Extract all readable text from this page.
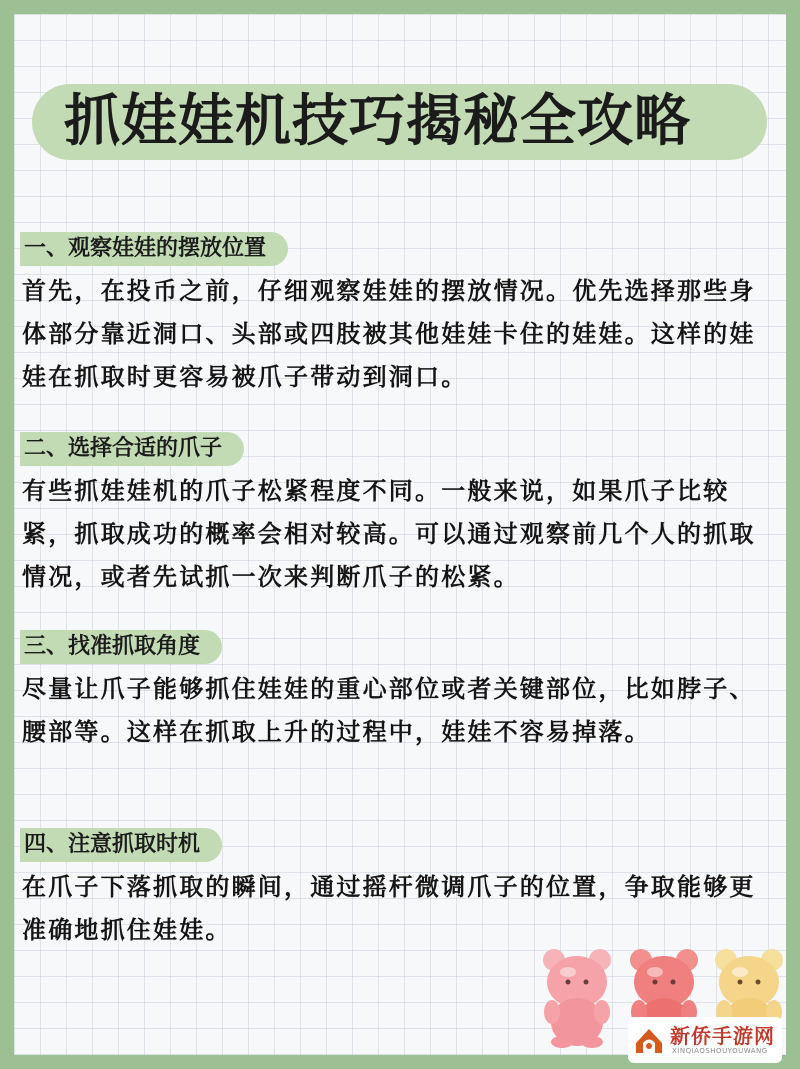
抓娃娃机技巧揭秘全攻略
一、观察娃娃的摆放位置
首先，在投币之前，仔细观察娃娃的摆放情况。优先选择那些身体部分靠近洞口、头部或四肢被其他娃娃卡住的娃娃。这样的娃娃在抓取时更容易被爪子带动到洞口。
二、选择合适的爪子
有些抓娃娃机的爪子松紧程度不同。一般来说，如果爪子比较紧，抓取成功的概率会相对较高。可以通过观察前几个人的抓取情况，或者先试抓一次来判断爪子的松紧。
三、找准抓取角度
尽量让爪子能够抓住娃娃的重心部位或者关键部位，比如脖子、腰部等。这样在抓取上升的过程中，娃娃不容易掉落。
四、注意抓取时机
在爪子下落抓取的瞬间，通过摇杆微调爪子的位置，争取能够更准确地抓住娃娃。
新侨手游网
XINQIAOSHOUYOUWANG
